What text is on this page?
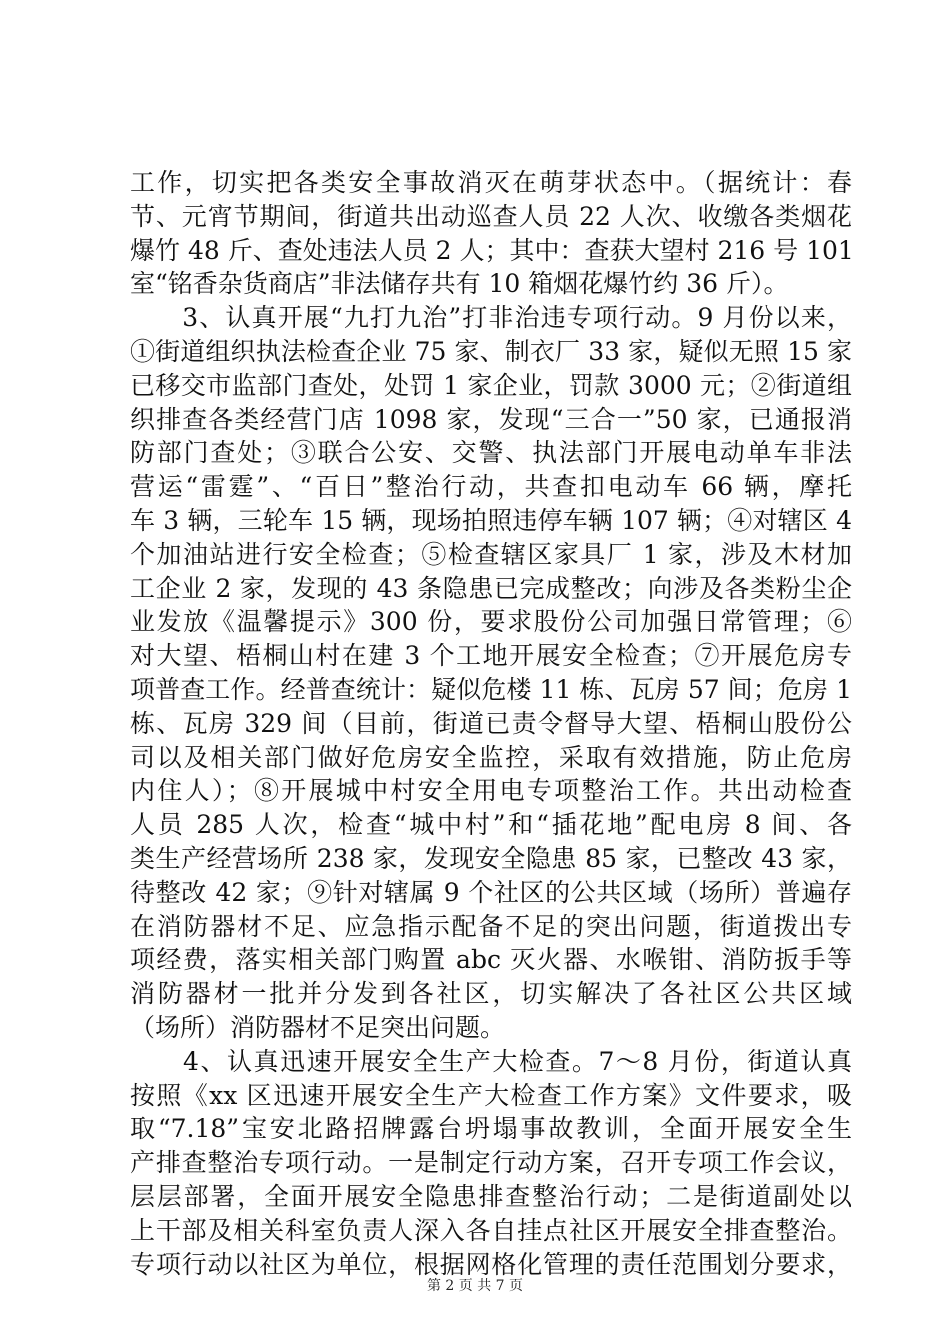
工作，切实把各类安全事故消灭在萌芽状态中。（据统计：春
节、元宵节期间，街道共出动巡查人员 22 人次、收缴各类烟花
爆竹 48 斤、查处违法人员 2 人；其中：查获大望村 216 号 101
室“铭香杂货商店”非法储存共有 10 箱烟花爆竹约 36 斤）。
　　3、认真开展“九打九治”打非治违专项行动。9 月份以来，
①街道组织执法检查企业 75 家、制衣厂 33 家，疑似无照 15 家
已移交市监部门查处，处罚 1 家企业，罚款 3000 元；②街道组
织排查各类经营门店 1098 家，发现“三合一”50 家，已通报消
防部门查处；③联合公安、交警、执法部门开展电动单车非法
营运“雷霆”、“百日”整治行动，共查扣电动车 66 辆，摩托
车 3 辆，三轮车 15 辆，现场拍照违停车辆 107 辆；④对辖区 4
个加油站进行安全检查；⑤检查辖区家具厂 1 家，涉及木材加
工企业 2 家，发现的 43 条隐患已完成整改；向涉及各类粉尘企
业发放《温馨提示》300 份，要求股份公司加强日常管理；⑥
对大望、梧桐山村在建 3 个工地开展安全检查；⑦开展危房专
项普查工作。经普查统计：疑似危楼 11 栋、瓦房 57 间；危房 1
栋、瓦房 329 间（目前，街道已责令督导大望、梧桐山股份公
司以及相关部门做好危房安全监控，采取有效措施，防止危房
内住人）；⑧开展城中村安全用电专项整治工作。共出动检查
人员 285 人次，检查“城中村”和“插花地”配电房 8 间、各
类生产经营场所 238 家，发现安全隐患 85 家，已整改 43 家，
待整改 42 家；⑨针对辖属 9 个社区的公共区域（场所）普遍存
在消防器材不足、应急指示配备不足的突出问题，街道拨出专
项经费，落实相关部门购置 abc 灭火器、水喉钳、消防扳手等
消防器材一批并分发到各社区，切实解决了各社区公共区域
（场所）消防器材不足突出问题。
　　4、认真迅速开展安全生产大检查。7～8 月份，街道认真
按照《xx 区迅速开展安全生产大检查工作方案》文件要求，吸
取“7.18”宝安北路招牌露台坍塌事故教训，全面开展安全生
产排查整治专项行动。一是制定行动方案，召开专项工作会议，
层层部署，全面开展安全隐患排查整治行动；二是街道副处以
上干部及相关科室负责人深入各自挂点社区开展安全排查整治。
专项行动以社区为单位，根据网格化管理的责任范围划分要求，
第 2 页 共 7 页
